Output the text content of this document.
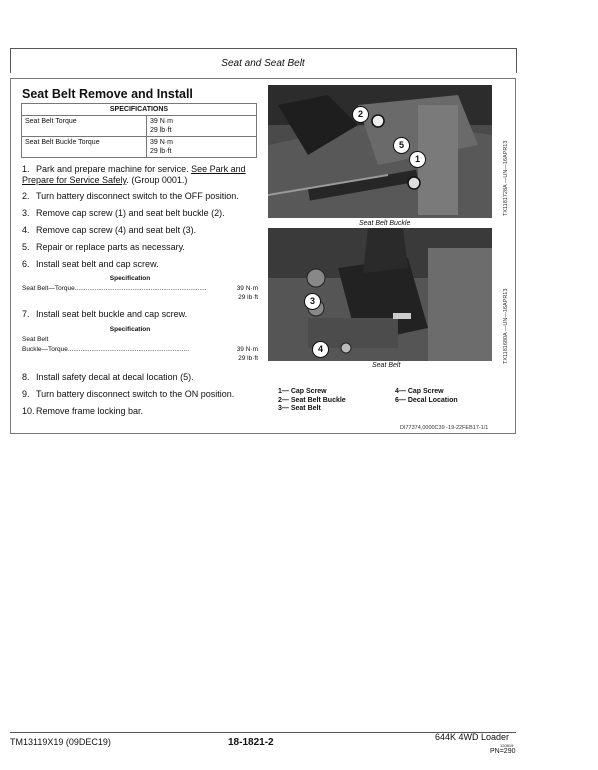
Seat and Seat Belt
Seat Belt Remove and Install
SPECIFICATIONS	
Seat Belt Torque	39 N·m
29 lb·ft
Seat Belt Buckle Torque	39 N·m
29 lb·ft
1. Park and prepare machine for service. See Park and Prepare for Service Safely. (Group 0001.)
2. Turn battery disconnect switch to the OFF position.
3. Remove cap screw (1) and seat belt buckle (2).
4. Remove cap screw (4) and seat belt (3).
5. Repair or replace parts as necessary.
6. Install seat belt and cap screw.
Specification
Seat Belt—Torque.........................................................................	39 N·m
29 lb·ft
7. Install seat belt buckle and cap screw.
Specification
Seat Belt
Buckle—Torque...................................................................	39 N·m
29 lb·ft
8. Install safety decal at decal location (5).
9. Turn battery disconnect switch to the ON position.
10.Remove frame locking bar.
2
5
1
Seat Belt Buckle
TX1181728A —UN—16APR13
3
4
Seat Belt
TX1181680A —UN—16APR13
1— Cap Screw
2— Seat Belt Buckle
3— Seat Belt
4— Cap Screw
6— Decal Location
DI77374,0000C39 -19-22FEB17-1/1
TM13119X19 (09DEC19)	18-1821-2	644K 4WD Loader
120819
PN=290
